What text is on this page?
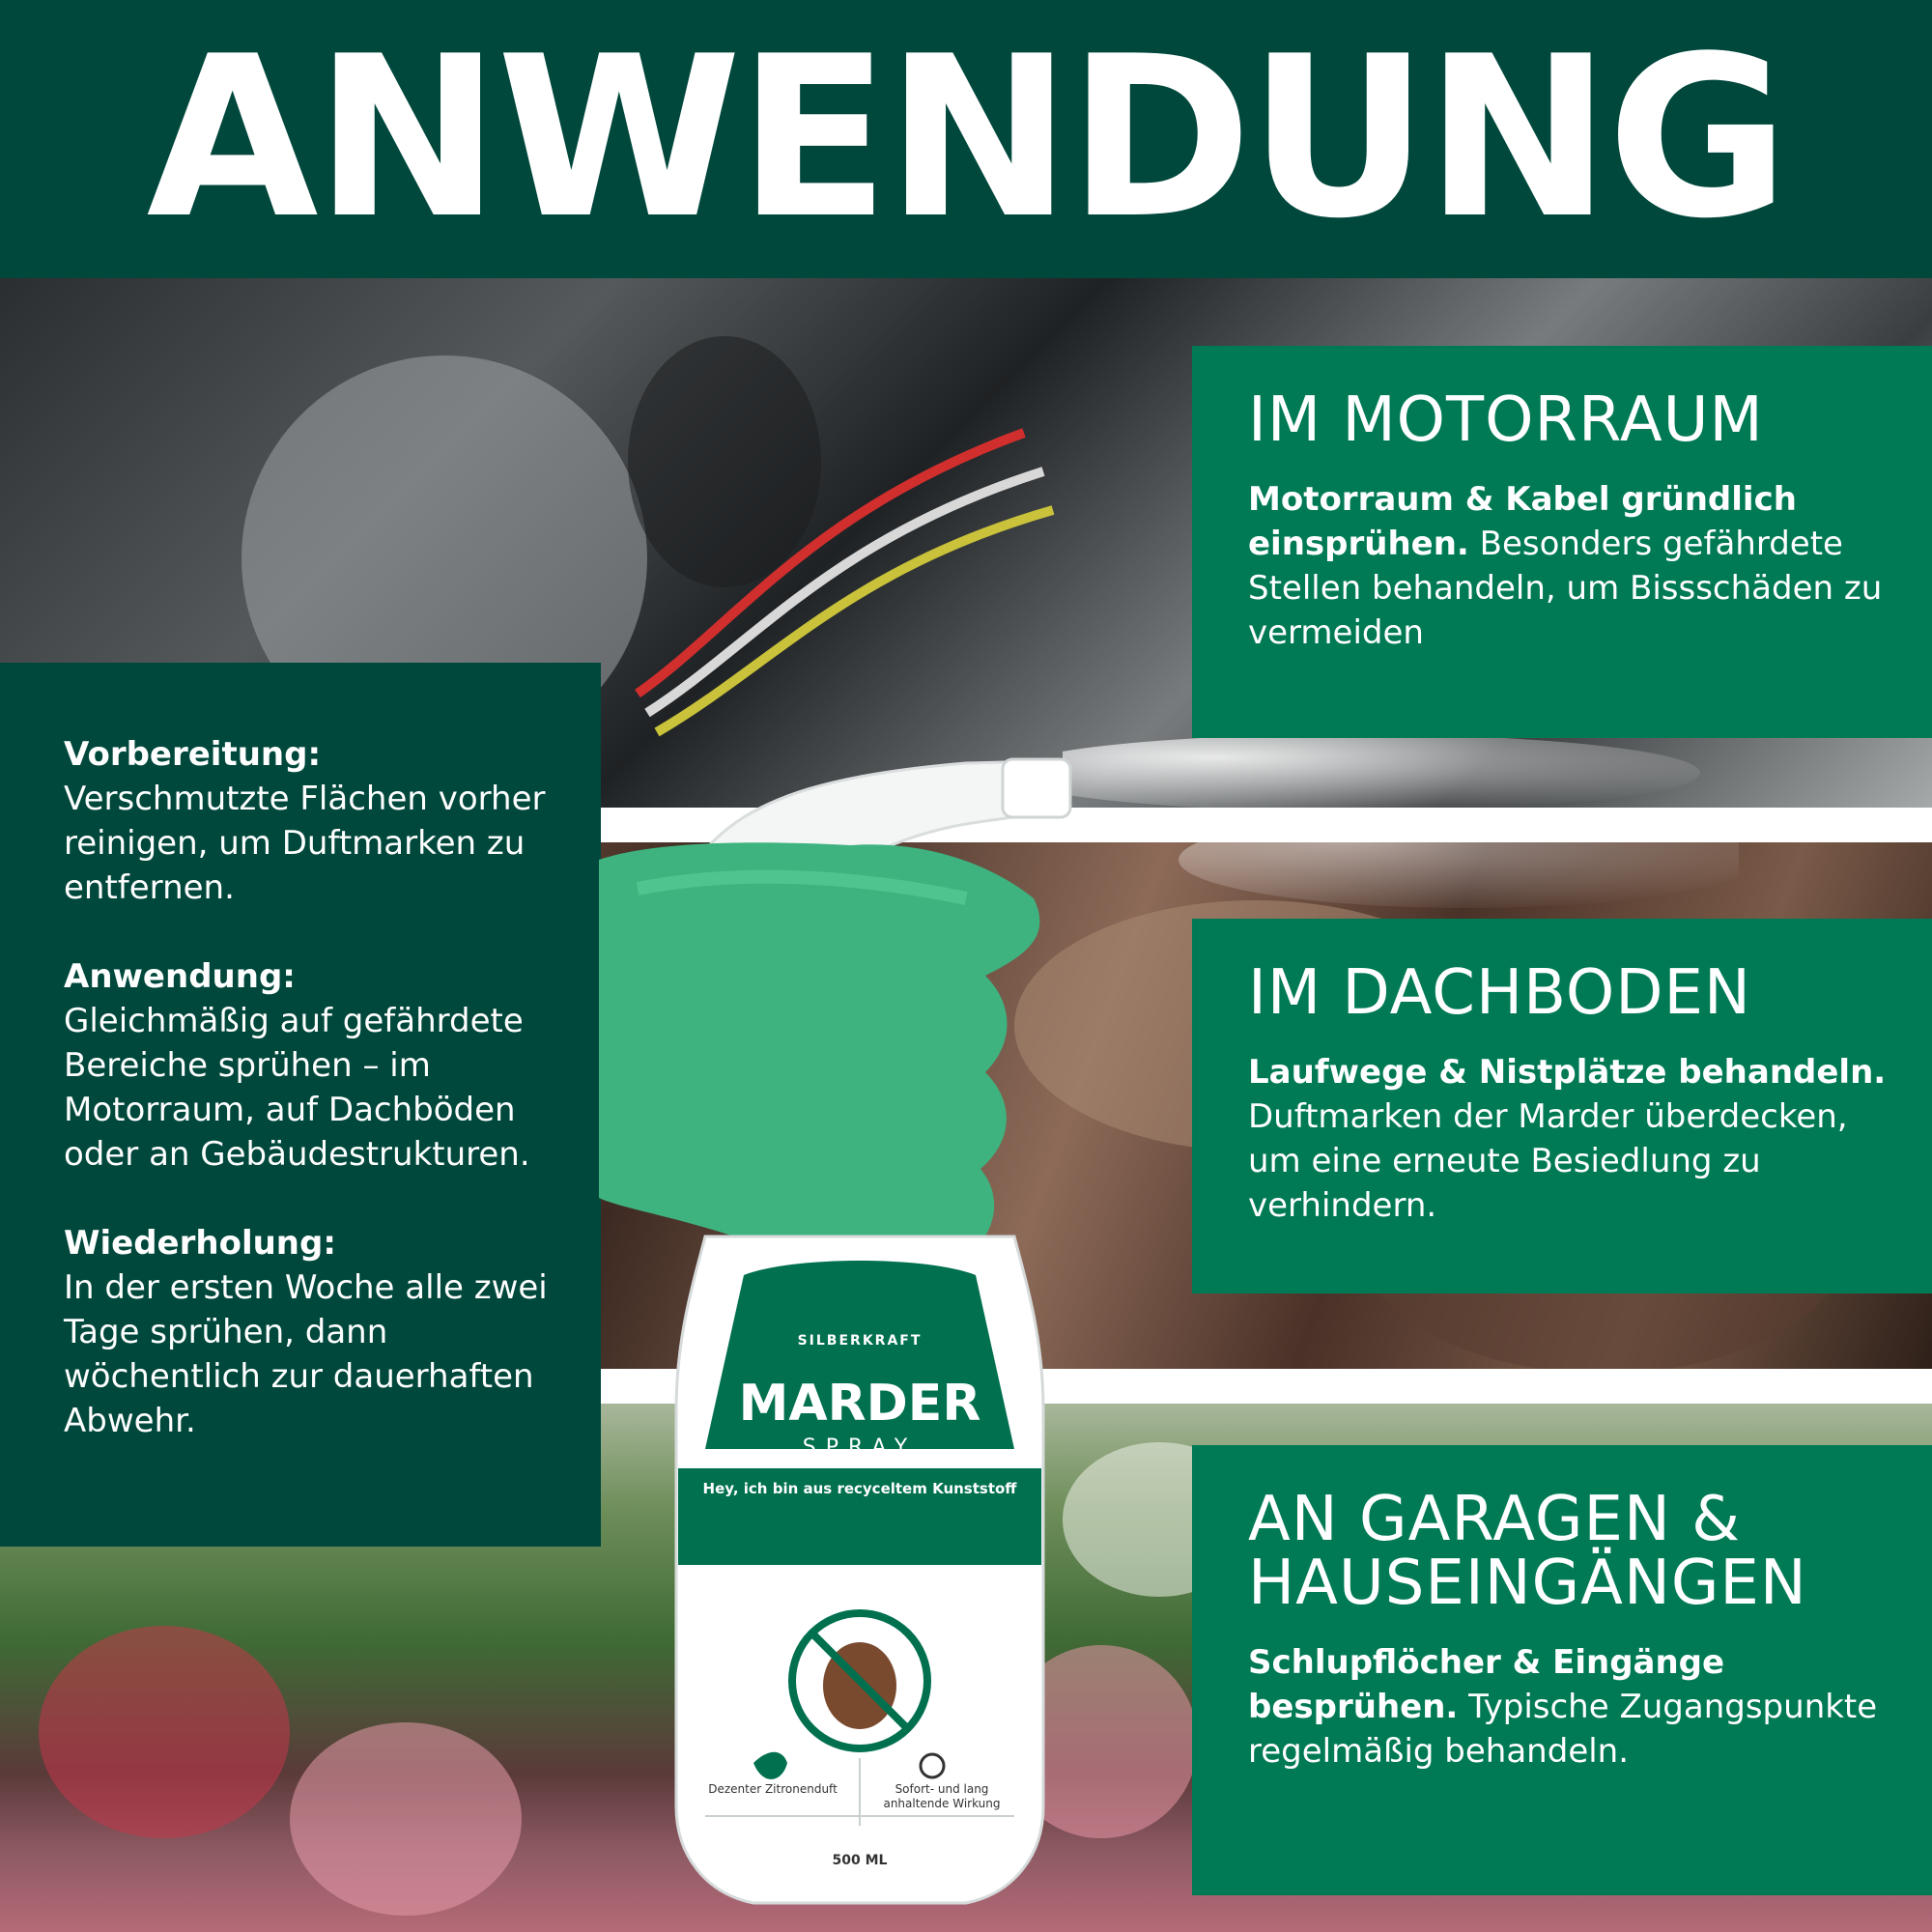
ANWENDUNG
Vorbereitung:
Verschmutzte Flächen vorher reinigen, um Duftmarken zu entfernen.
Anwendung:
Gleichmäßig auf gefährdete Bereiche sprühen – im Motorraum, auf Dachböden oder an Gebäudestrukturen.
Wiederholung:
In der ersten Woche alle zwei Tage sprühen, dann wöchentlich zur dauerhaften Abwehr.
IM MOTORRAUM

Motorraum & Kabel gründlich einsprühen. Besonders gefährdete Stellen behandeln, um Bissschäden zu vermeiden

IM DACHBODEN

Laufwege & Nistplätze behandeln. Duftmarken der Marder überdecken, um eine erneute Besiedlung zu verhindern.

AN GARAGEN &
HAUSEINGÄNGEN

Schlupflöcher & Eingänge besprühen. Typische Zugangspunkte regelmäßig behandeln.

SILBERKRAFT
MARDER
SPRAY
Hey, ich bin aus recyceltem Kunststoff
Dezenter Zitronenduft	Sofort- und lang anhaltende Wirkung
500 ML
